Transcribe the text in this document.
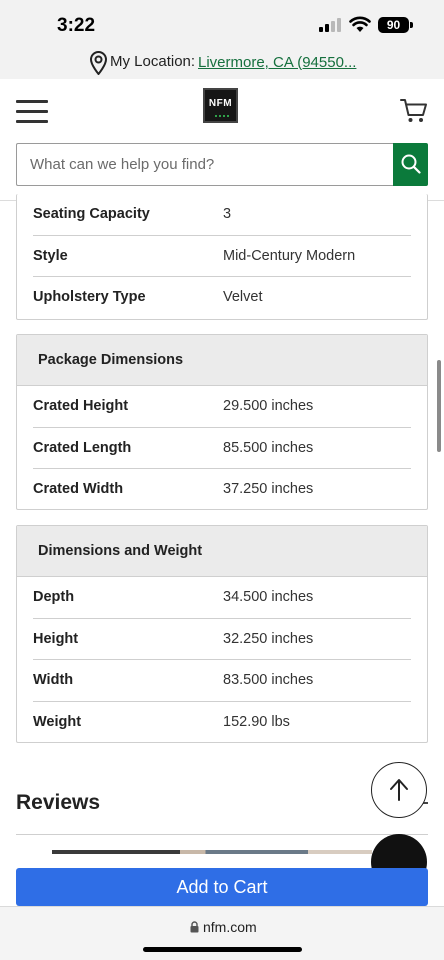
3:22	90
My Location: Livermore, CA (94550...
NFM
What can we help you find?
Seating Capacity	3
Style	Mid-Century Modern
Upholstery Type	Velvet
Package Dimensions
Crated Height	29.500 inches
Crated Length	85.500 inches
Crated Width	37.250 inches
Dimensions and Weight
Depth	34.500 inches
Height	32.250 inches
Width	83.500 inches
Weight	152.90 lbs
Reviews
Add to Cart
nfm.com
